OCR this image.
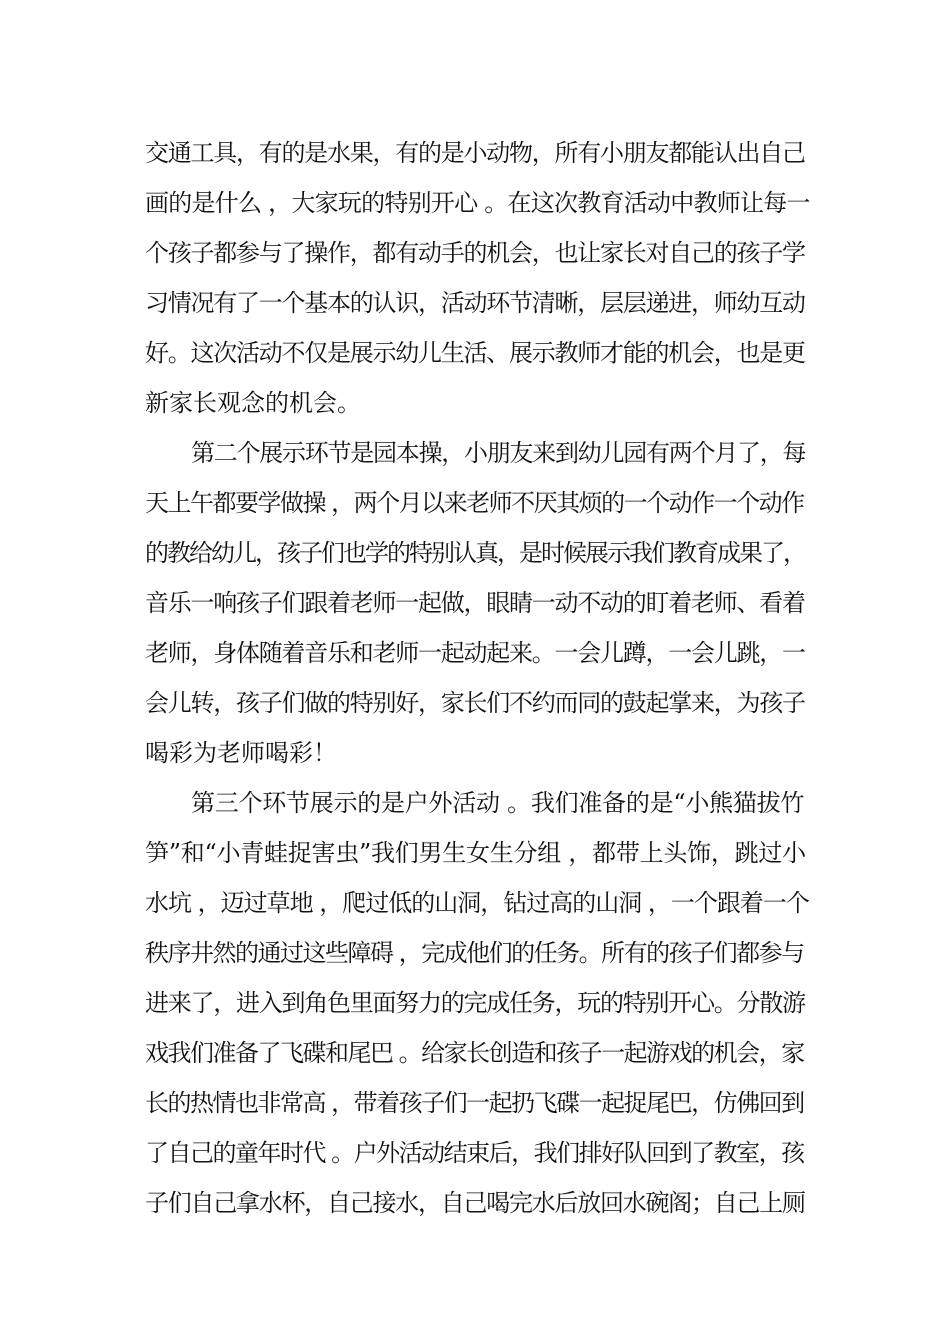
交通工具，有的是水果，有的是小动物，所有小朋友都能认出自己
画的是什么 ，大家玩的特别开心 。在这次教育活动中教师让每一
个孩子都参与了操作，都有动手的机会，也让家长对自己的孩子学
习情况有了一个基本的认识，活动环节清晰，层层递进，师幼互动
好。这次活动不仅是展示幼儿生活、展示教师才能的机会，也是更
新家长观念的机会。
第二个展示环节是园本操，小朋友来到幼儿园有两个月了，每
天上午都要学做操 ，两个月以来老师不厌其烦的一个动作一个动作
的教给幼儿，孩子们也学的特别认真，是时候展示我们教育成果了，
音乐一响孩子们跟着老师一起做，眼睛一动不动的盯着老师、看着
老师，身体随着音乐和老师一起动起来。一会儿蹲，一会儿跳，一
会儿转，孩子们做的特别好，家长们不约而同的鼓起掌来，为孩子
喝彩为老师喝彩！
第三个环节展示的是户外活动 。我们准备的是“小熊猫拔竹
笋”和“小青蛙捉害虫”我们男生女生分组 ，都带上头饰，跳过小
水坑 ，迈过草地 ，爬过低的山洞，钻过高的山洞 ，一个跟着一个
秩序井然的通过这些障碍 ，完成他们的任务。所有的孩子们都参与
进来了，进入到角色里面努力的完成任务，玩的特别开心。分散游
戏我们准备了飞碟和尾巴 。给家长创造和孩子一起游戏的机会，家
长的热情也非常高 ，带着孩子们一起扔飞碟一起捉尾巴，仿佛回到
了自己的童年时代 。户外活动结束后，我们排好队回到了教室，孩
子们自己拿水杯，自己接水，自己喝完水后放回水碗阁；自己上厕
